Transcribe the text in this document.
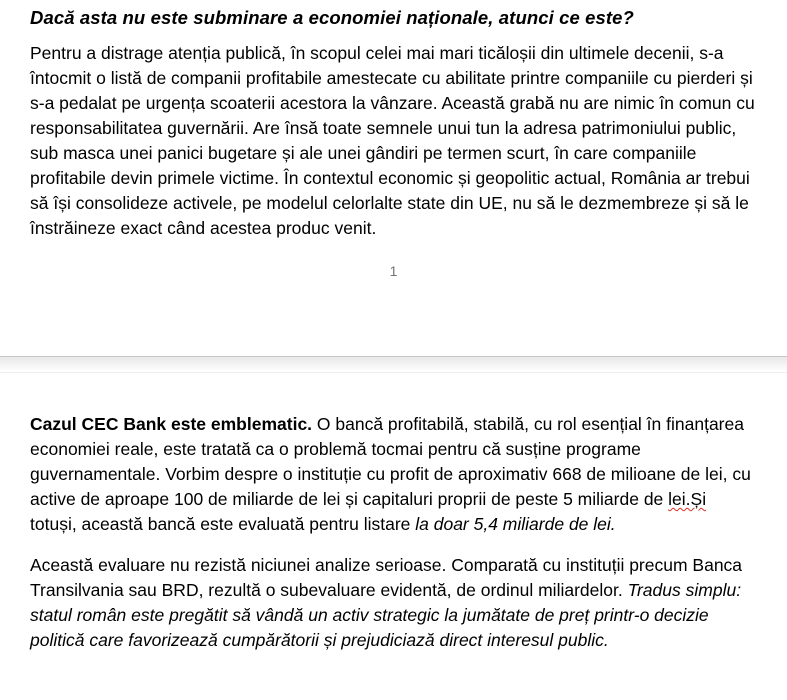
Dacă asta nu este subminare a economiei naționale, atunci ce este?

Pentru a distrage atenția publică, în scopul celei mai mari ticăloșii din ultimele decenii, s-a întocmit o listă de companii profitabile amestecate cu abilitate printre companiile cu pierderi și s-a pedalat pe urgența scoaterii acestora la vânzare. Această grabă nu are nimic în comun cu responsabilitatea guvernării. Are însă toate semnele unui tun la adresa patrimoniului public, sub masca unei panici bugetare și ale unei gândiri pe termen scurt, în care companiile profitabile devin primele victime. În contextul economic și geopolitic actual, România ar trebui să își consolideze activele, pe modelul celorlalte state din UE, nu să le dezmembreze și să le înstrăineze exact când acestea produc venit.

1

Cazul CEC Bank este emblematic. O bancă profitabilă, stabilă, cu rol esențial în finanțarea economiei reale, este tratată ca o problemă tocmai pentru că susține programe guvernamentale. Vorbim despre o instituție cu profit de aproximativ 668 de milioane de lei, cu active de aproape 100 de miliarde de lei și capitaluri proprii de peste 5 miliarde de lei.Și totuși, această bancă este evaluată pentru listare la doar 5,4 miliarde de lei.

Această evaluare nu rezistă niciunei analize serioase. Comparată cu instituții precum Banca Transilvania sau BRD, rezultă o subevaluare evidentă, de ordinul miliardelor. Tradus simplu: statul român este pregătit să vândă un activ strategic la jumătate de preț printr-o decizie politică care favorizează cumpărătorii și prejudiciază direct interesul public.
